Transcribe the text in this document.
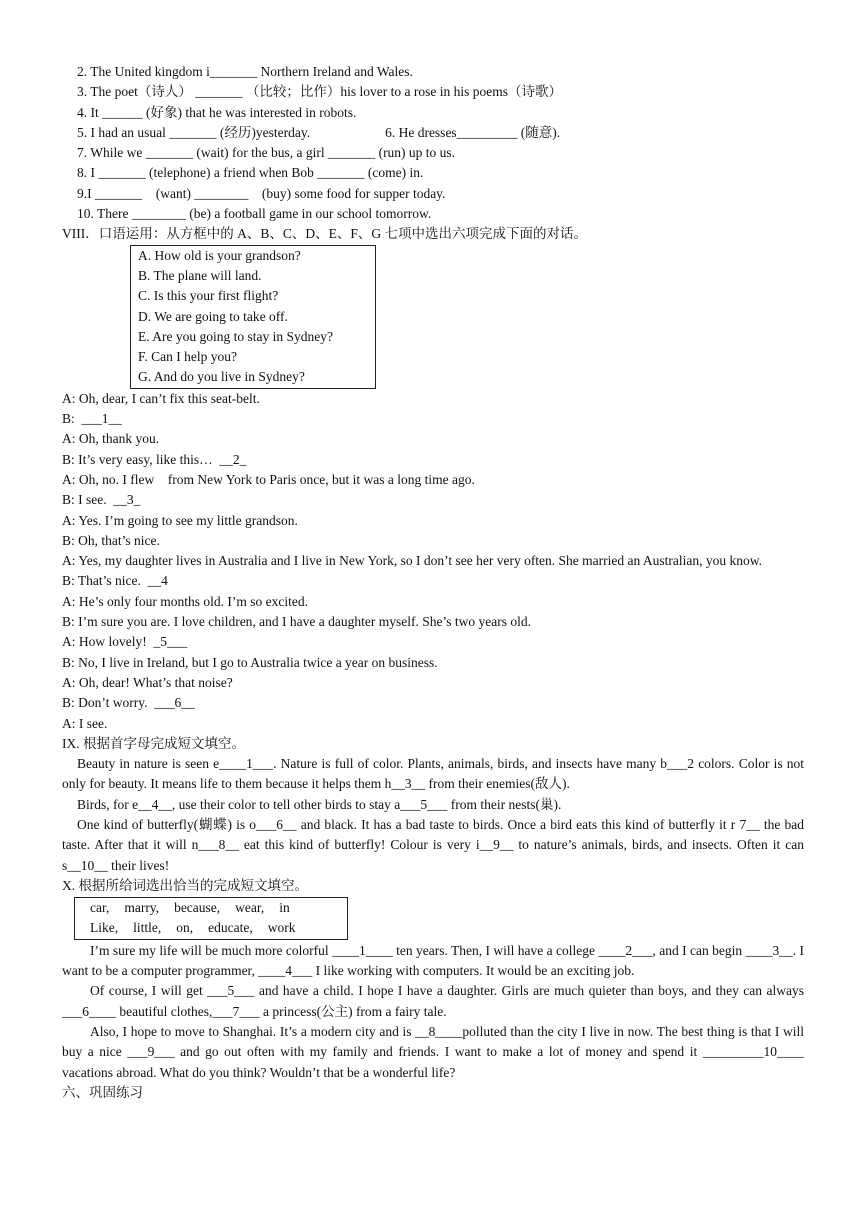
2. The United kingdom i_______ Northern Ireland and Wales.
3. The poet（诗人） _______ （比较；比作）his lover to a rose in his poems（诗歌）
4. It ______ (好象) that he was interested in robots.
5. I had an usual _______ (经历)yesterday.	6. He dresses_________ (随意).
7. While we _______ (wait) for the bus, a girl _______ (run) up to us.
8. I _______ (telephone) a friend when Bob _______ (come) in.
9.I _______    (want) ________    (buy) some food for supper today.
10. There ________ (be) a football game in our school tomorrow.
VIII．口语运用：从方框中的 A、B、C、D、E、F、G 七项中选出六项完成下面的对话。
A. How old is your grandson?
B. The plane will land.
C. Is this your first flight?
D. We are going to take off.
E. Are you going to stay in Sydney?
F. Can I help you?
G. And do you live in Sydney?
A: Oh, dear, I can’t fix this seat-belt.
B:  ___1__
A: Oh, thank you.
B: It’s very easy, like this…  __2_
A: Oh, no. I flew    from New York to Paris once, but it was a long time ago.
B: I see.  __3_
A: Yes. I’m going to see my little grandson.
B: Oh, that’s nice.
A: Yes, my daughter lives in Australia and I live in New York, so I don’t see her very often. She married an Australian, you know.
B: That’s nice.  __4
A: He’s only four months old. I’m so excited.
B: I’m sure you are. I love children, and I have a daughter myself. She’s two years old.
A: How lovely!  _5___
B: No, I live in Ireland, but I go to Australia twice a year on business.
A: Oh, dear! What’s that noise?
B: Don’t worry.  ___6__
A: I see.
IX. 根据首字母完成短文填空。
Beauty in nature is seen e____1___. Nature is full of color. Plants, animals, birds, and insects have many b___2 colors. Color is not only for beauty. It means life to them because it helps them h__3__ from their enemies(敌人).
Birds, for e__4__, use their color to tell other birds to stay a___5___ from their nests(巢).
One kind of butterfly(蝴蝶) is o___6__ and black. It has a bad taste to birds. Once a bird eats this kind of butterfly it r 7__ the bad taste. After that it will n___8__ eat this kind of butterfly! Colour is very i__9__ to nature’s animals, birds, and insects. Often it can s__10__ their lives!
X. 根据所给词选出恰当的完成短文填空。
car, marry, because, wear, in
Like, little, on, educate, work
I’m sure my life will be much more colorful ____1____ ten years. Then, I will have a college ____2___, and I can begin ____3__. I want to be a computer programmer, ____4___ I like working with computers. It would be an exciting job.
Of course, I will get ___5___ and have a child. I hope I have a daughter. Girls are much quieter than boys, and they can always ___6____ beautiful clothes,___7___ a princess(公主) from a fairy tale.
Also, I hope to move to Shanghai. It’s a modern city and is __8____polluted than the city I live in now. The best thing is that I will buy a nice ___9___ and go out often with my family and friends. I want to make a lot of money and spend it _________10____ vacations abroad. What do you think? Wouldn’t that be a wonderful life?
六、巩固练习
